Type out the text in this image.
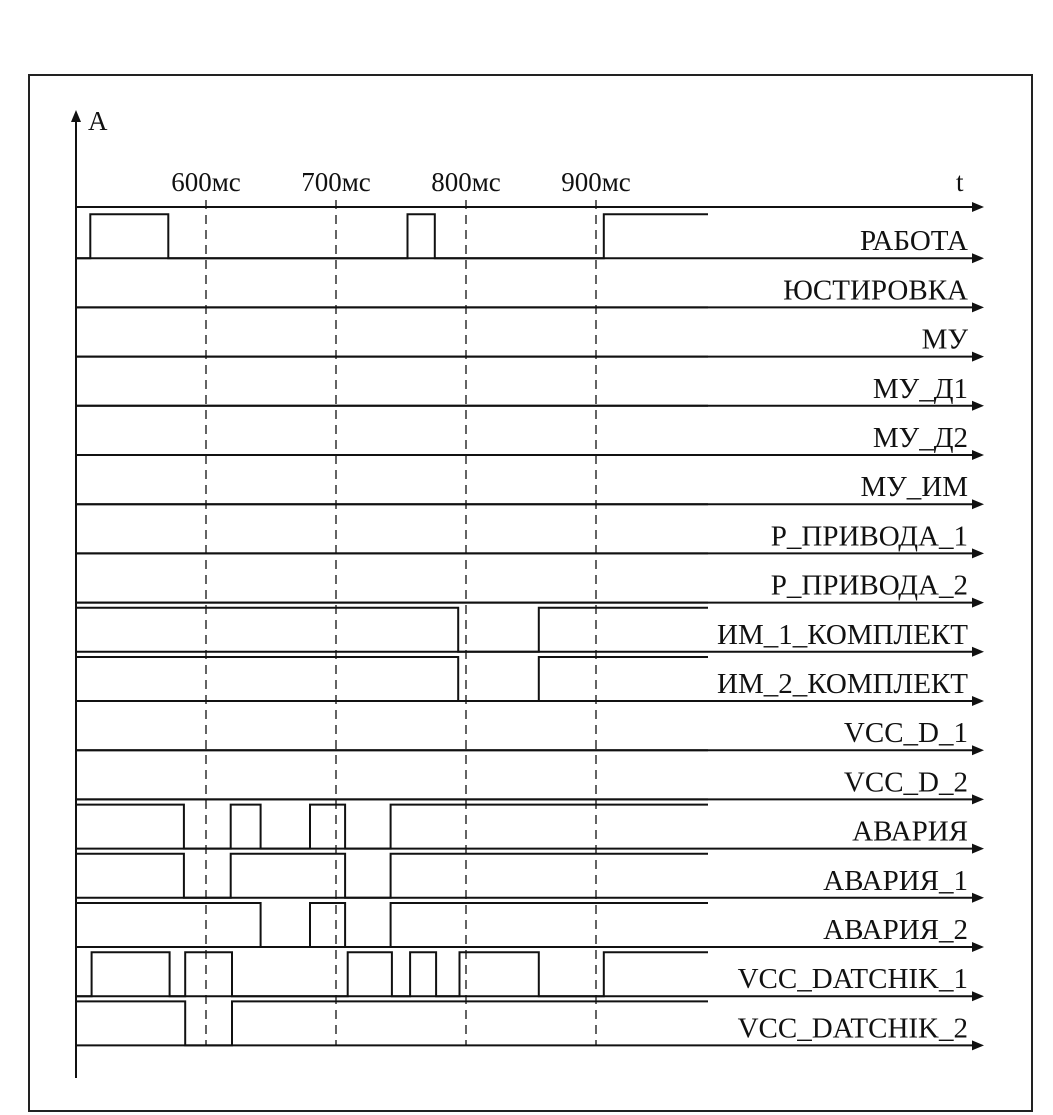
A
t
600мс 700мс 800мс 900мс
РАБОТА
ЮСТИРОВКА
МУ
МУ_Д1
МУ_Д2
МУ_ИМ
Р_ПРИВОДА_1
Р_ПРИВОДА_2
ИМ_1_КОМПЛЕКТ
ИМ_2_КОМПЛЕКТ
VCC_D_1
VCC_D_2
АВАРИЯ
АВАРИЯ_1
АВАРИЯ_2
VCC_DATCHIK_1
VCC_DATCHIK_2
